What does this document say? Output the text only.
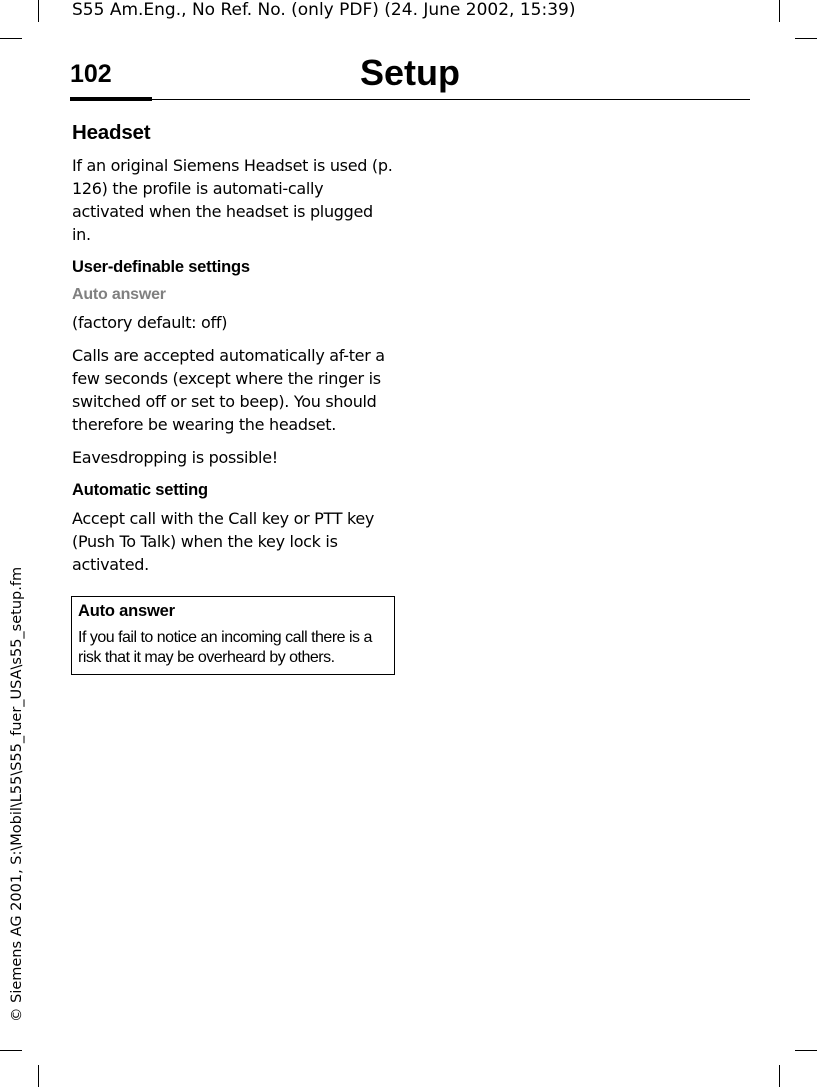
S55 Am.Eng., No Ref. No. (only PDF) (24. June 2002, 15:39)
© Siemens AG 2001, S:\Mobil\L55\S55_fuer_USA\s55_setup.fm
102	Setup
Headset

If an original Siemens Headset is used (p. 126) the profile is automati-cally activated when the headset is plugged in.

User-definable settings
Auto answer

(factory default: off)

Calls are accepted automatically af-ter a few seconds (except where the ringer is switched off or set to beep). You should therefore be wearing the headset.

Eavesdropping is possible!

Automatic setting

Accept call with the Call key or PTT key (Push To Talk) when the key lock is activated.

Auto answer

If you fail to notice an incoming call there is a risk that it may be overheard by others.
